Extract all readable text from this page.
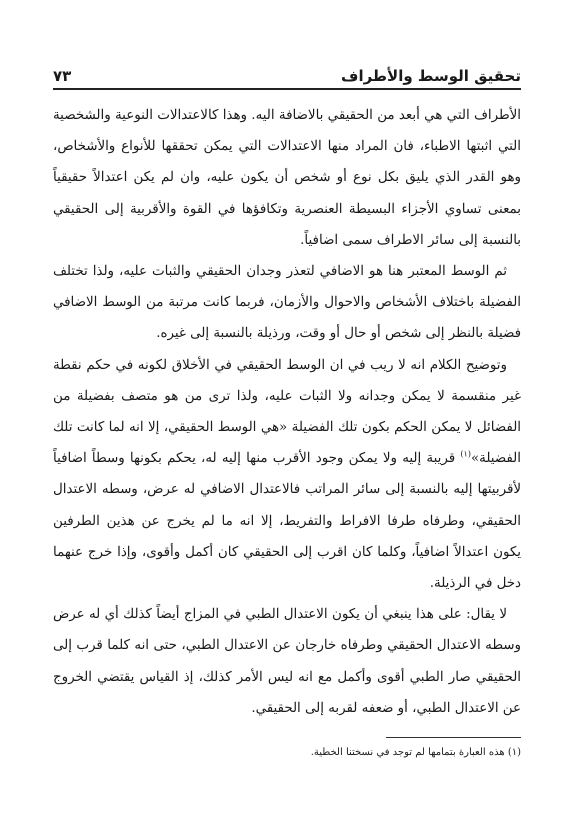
تحقيق الوسط والأطراف
٧٣

الأطراف التي هي أبعد من الحقيقي بالاضافة اليه. وهذا كالاعتدالات النوعية والشخصية التي اثبتها الاطباء، فان المراد منها الاعتدالات التي يمكن تحققها للأنواع والأشخاص، وهو القدر الذي يليق بكل نوع أو شخص أن يكون عليه، وان لم يكن اعتدالاً حقيقياً بمعنى تساوي الأجزاء البسيطة العنصرية وتكافؤها في القوة والأقربية إلى الحقيقي بالنسبة إلى سائر الاطراف سمى اضافياً.

ثم الوسط المعتبر هنا هو الاضافي لتعذر وجدان الحقيقي والثبات عليه، ولذا تختلف الفضيلة باختلاف الأشخاص والاحوال والأزمان، فربما كانت مرتبة من الوسط الاضافي فضيلة بالنظر إلى شخص أو حال أو وقت، ورذيلة بالنسبة إلى غيره.

وتوضيح الكلام انه لا ريب في ان الوسط الحقيقي في الأخلاق لكونه في حكم نقطة غير منقسمة لا يمكن وجدانه ولا الثبات عليه، ولذا ترى من هو متصف بفضيلة من الفضائل لا يمكن الحكم بكون تلك الفضيلة «هي الوسط الحقيقي، إلا انه لما كانت تلك الفضيلة»$^{(١)}$ قريبة إليه ولا يمكن وجود الأقرب منها إليه له، يحكم بكونها وسطاً اضافياً لأقربيتها إليه بالنسبة إلى سائر المراتب فالاعتدال الاضافي له عرض، وسطه الاعتدال الحقيقي، وطرفاه طرفا الافراط والتفريط، إلا انه ما لم يخرج عن هذين الطرفين يكون اعتدالاً اضافياً، وكلما كان اقرب إلى الحقيقي كان أكمل وأقوى، وإذا خرج عنهما دخل في الرذيلة.

لا يقال: على هذا ينبغي أن يكون الاعتدال الطبي في المزاج أيضاً كذلك أي له عرض وسطه الاعتدال الحقيقي وطرفاه خارجان عن الاعتدال الطبي، حتى انه كلما قرب إلى الحقيقي صار الطبي أقوى وأكمل مع انه ليس الأمر كذلك، إذ القياس يقتضي الخروج عن الاعتدال الطبي، أو ضعفه لقربه إلى الحقيقي.

(١) هذه العبارة بتمامها لم توجد في نسختنا الخطية.
